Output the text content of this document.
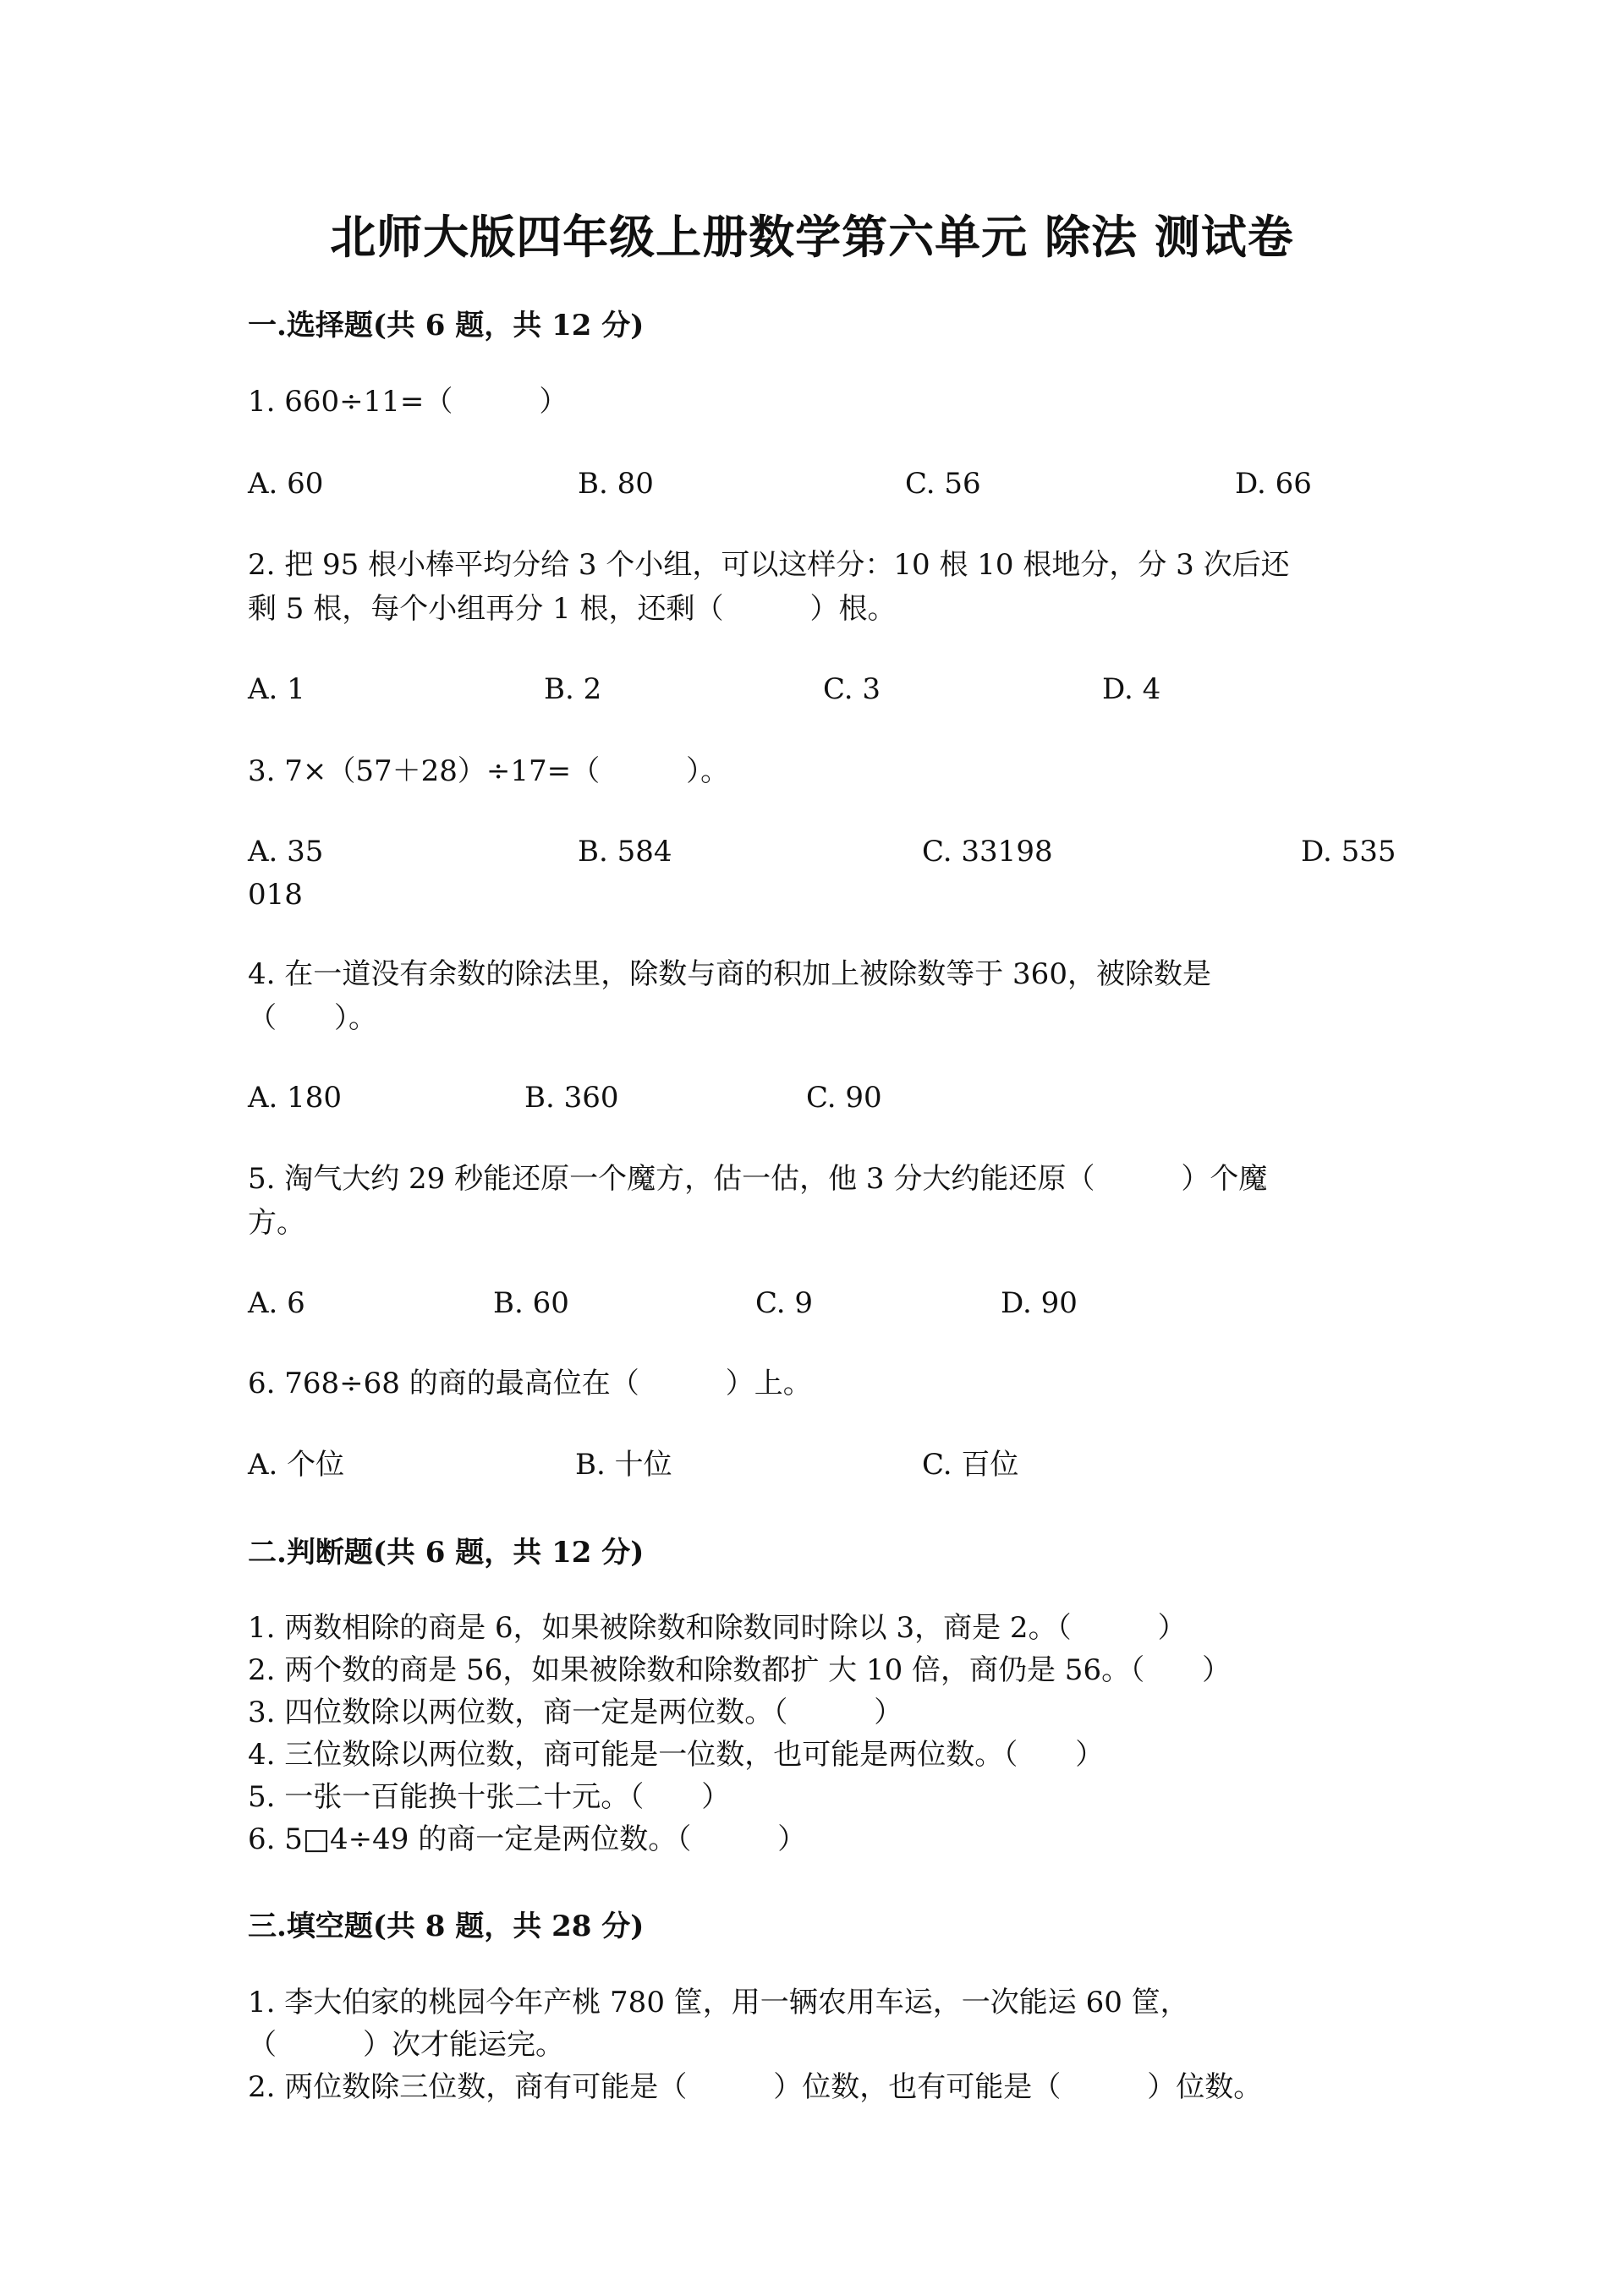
北师大版四年级上册数学第六单元 除法 测试卷
一.选择题(共 6 题，共 12 分)
1. 660÷11=（　　　）
A. 60	B. 80	C. 56	D. 66
2. 把 95 根小棒平均分给 3 个小组，可以这样分：10 根 10 根地分，分 3 次后还
剩 5 根，每个小组再分 1 根，还剩（　　　）根。
A. 1	B. 2	C. 3	D. 4
3. 7×（57＋28）÷17=（　　　）。
A. 35	B. 584	C. 33198	D. 535
018
4. 在一道没有余数的除法里，除数与商的积加上被除数等于 360，被除数是
（　　）。
A. 180	B. 360	C. 90
5. 淘气大约 29 秒能还原一个魔方，估一估，他 3 分大约能还原（　　　）个魔
方。
A. 6	B. 60	C. 9	D. 90
6. 768÷68 的商的最高位在（　　　）上。
A. 个位	B. 十位	C. 百位
二.判断题(共 6 题，共 12 分)
1. 两数相除的商是 6，如果被除数和除数同时除以 3，商是 2。（　　　）
2. 两个数的商是 56，如果被除数和除数都扩 大 10 倍，商仍是 56。（　　）
3. 四位数除以两位数，商一定是两位数。（　　　）
4. 三位数除以两位数，商可能是一位数，也可能是两位数。（　　）
5. 一张一百能换十张二十元。（　　）
6. 5□4÷49 的商一定是两位数。（　　　）
三.填空题(共 8 题，共 28 分)
1. 李大伯家的桃园今年产桃 780 筐，用一辆农用车运，一次能运 60 筐，
（　　　）次才能运完。
2. 两位数除三位数，商有可能是（　　　）位数，也有可能是（　　　）位数。
